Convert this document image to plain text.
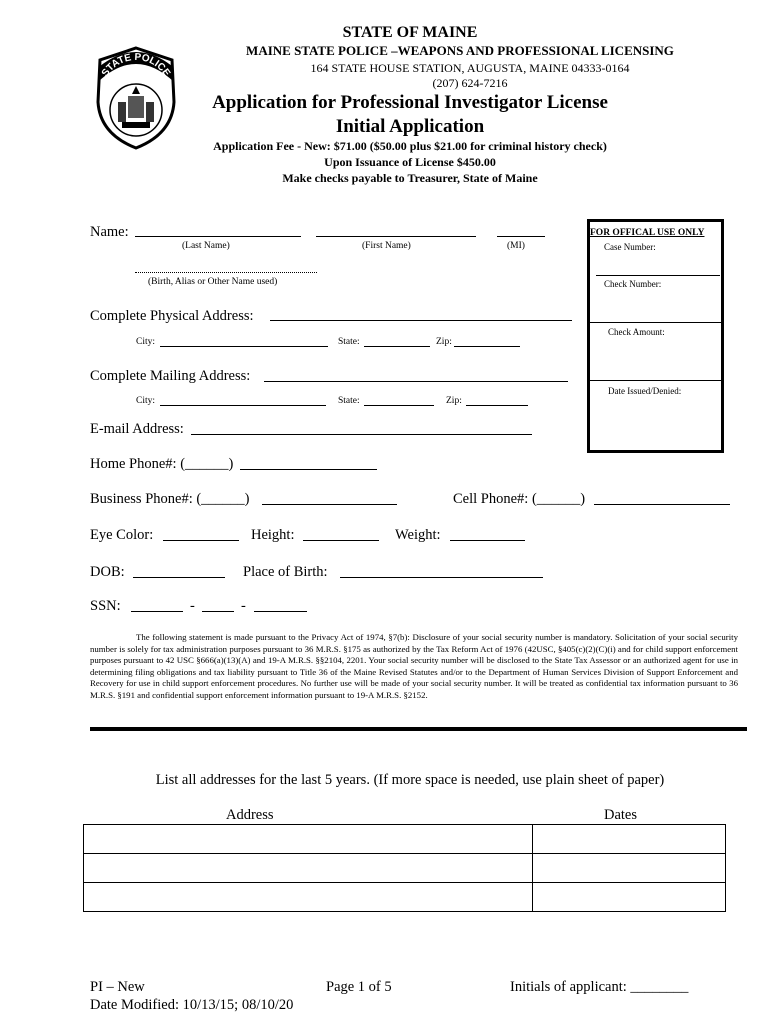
STATE POLICE
STATE OF MAINE
MAINE STATE POLICE –WEAPONS AND PROFESSIONAL LICENSING
164 STATE HOUSE STATION, AUGUSTA, MAINE 04333-0164
(207) 624-7216
Application for Professional Investigator License
Initial Application
Application Fee - New: $71.00 ($50.00 plus $21.00 for criminal history check)
Upon Issuance of License $450.00
Make checks payable to Treasurer, State of Maine
FOR OFFICAL USE ONLY
Case Number:
Check Number:
Check Amount:
Date Issued/Denied:
Name:
(Last Name)	(First Name)	(MI)
(Birth, Alias or Other Name used)
Complete Physical Address:
City:	State:	Zip:
Complete Mailing Address:
City:	State:	Zip:
E-mail Address:
Home Phone#: (______)
Business Phone#: (______)	Cell Phone#: (______)
Eye Color:	Height:	Weight:
DOB:	Place of Birth:
SSN:	-	-
The following statement is made pursuant to the Privacy Act of 1974, §7(b): Disclosure of your social security number is mandatory. Solicitation of your social security number is solely for tax administration purposes pursuant to 36 M.R.S. §175 as authorized by the Tax Reform Act of 1976 (42USC, §405(c)(2)(C)(i) and for child support enforcement purposes pursuant to 42 USC §666(a)(13)(A) and 19-A M.R.S. §§2104, 2201. Your social security number will be disclosed to the State Tax Assessor or an authorized agent for use in determining filing obligations and tax liability pursuant to Title 36 of the Maine Revised Statutes and/or to the Department of Human Services Division of Support Enforcement and Recovery for use in child support enforcement procedures. No further use will be made of your social security number. It will be treated as confidential tax information pursuant to 36 M.R.S. §191 and confidential support enforcement information pursuant to 19-A M.R.S. §2152.
List all addresses for the last 5 years. (If more space is needed, use plain sheet of paper)
Address	Dates

PI – New
Date Modified: 10/13/15; 08/10/20
Page 1 of 5	Initials of applicant: ________
